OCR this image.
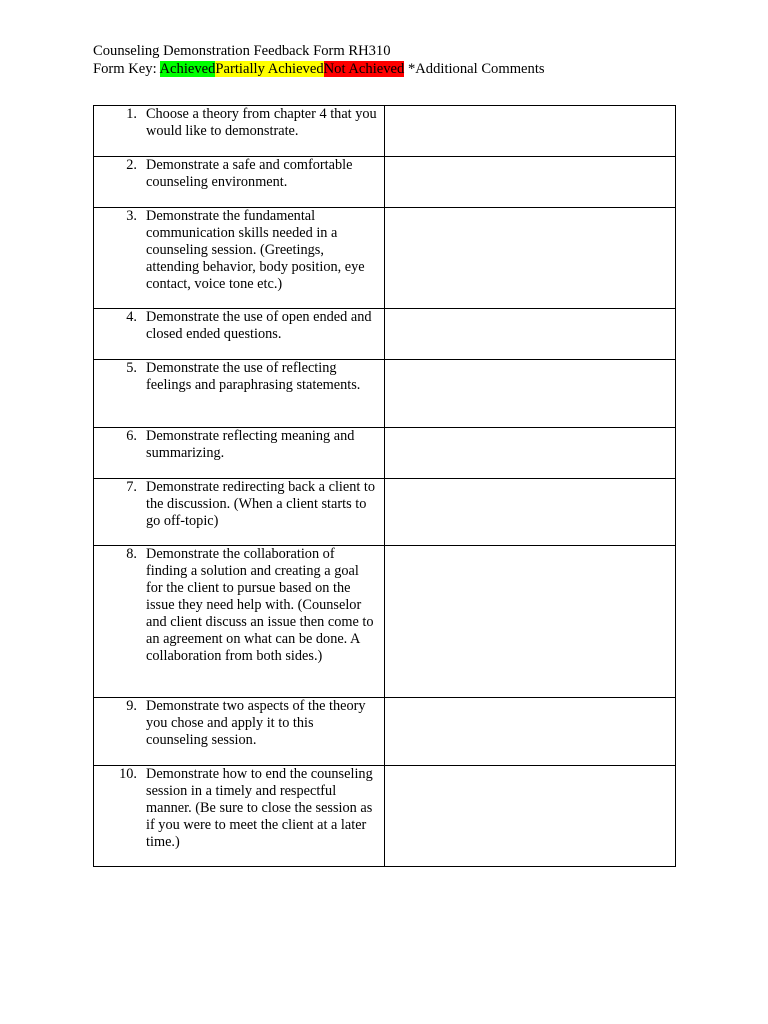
Counseling Demonstration Feedback Form RH310
Form Key: AchievedPartially AchievedNot Achieved *Additional Comments
1. Choose a theory from chapter 4 that you would like to demonstrate.	

2. Demonstrate a safe and comfortable counseling environment.	

3. Demonstrate the fundamental communication skills needed in a counseling session. (Greetings, attending behavior, body position, eye contact, voice tone etc.)	

4. Demonstrate the use of open ended and closed ended questions.	

5. Demonstrate the use of reflecting feelings and paraphrasing statements.	

6. Demonstrate reflecting meaning and summarizing.	

7. Demonstrate redirecting back a client to the discussion. (When a client starts to go off-topic)	

8. Demonstrate the collaboration of finding a solution and creating a goal for the client to pursue based on the issue they need help with. (Counselor and client discuss an issue then come to an agreement on what can be done. A collaboration from both sides.)	

9. Demonstrate two aspects of the theory you chose and apply it to this counseling session.	

10. Demonstrate how to end the counseling session in a timely and respectful manner. (Be sure to close the session as if you were to meet the client at a later time.)	
